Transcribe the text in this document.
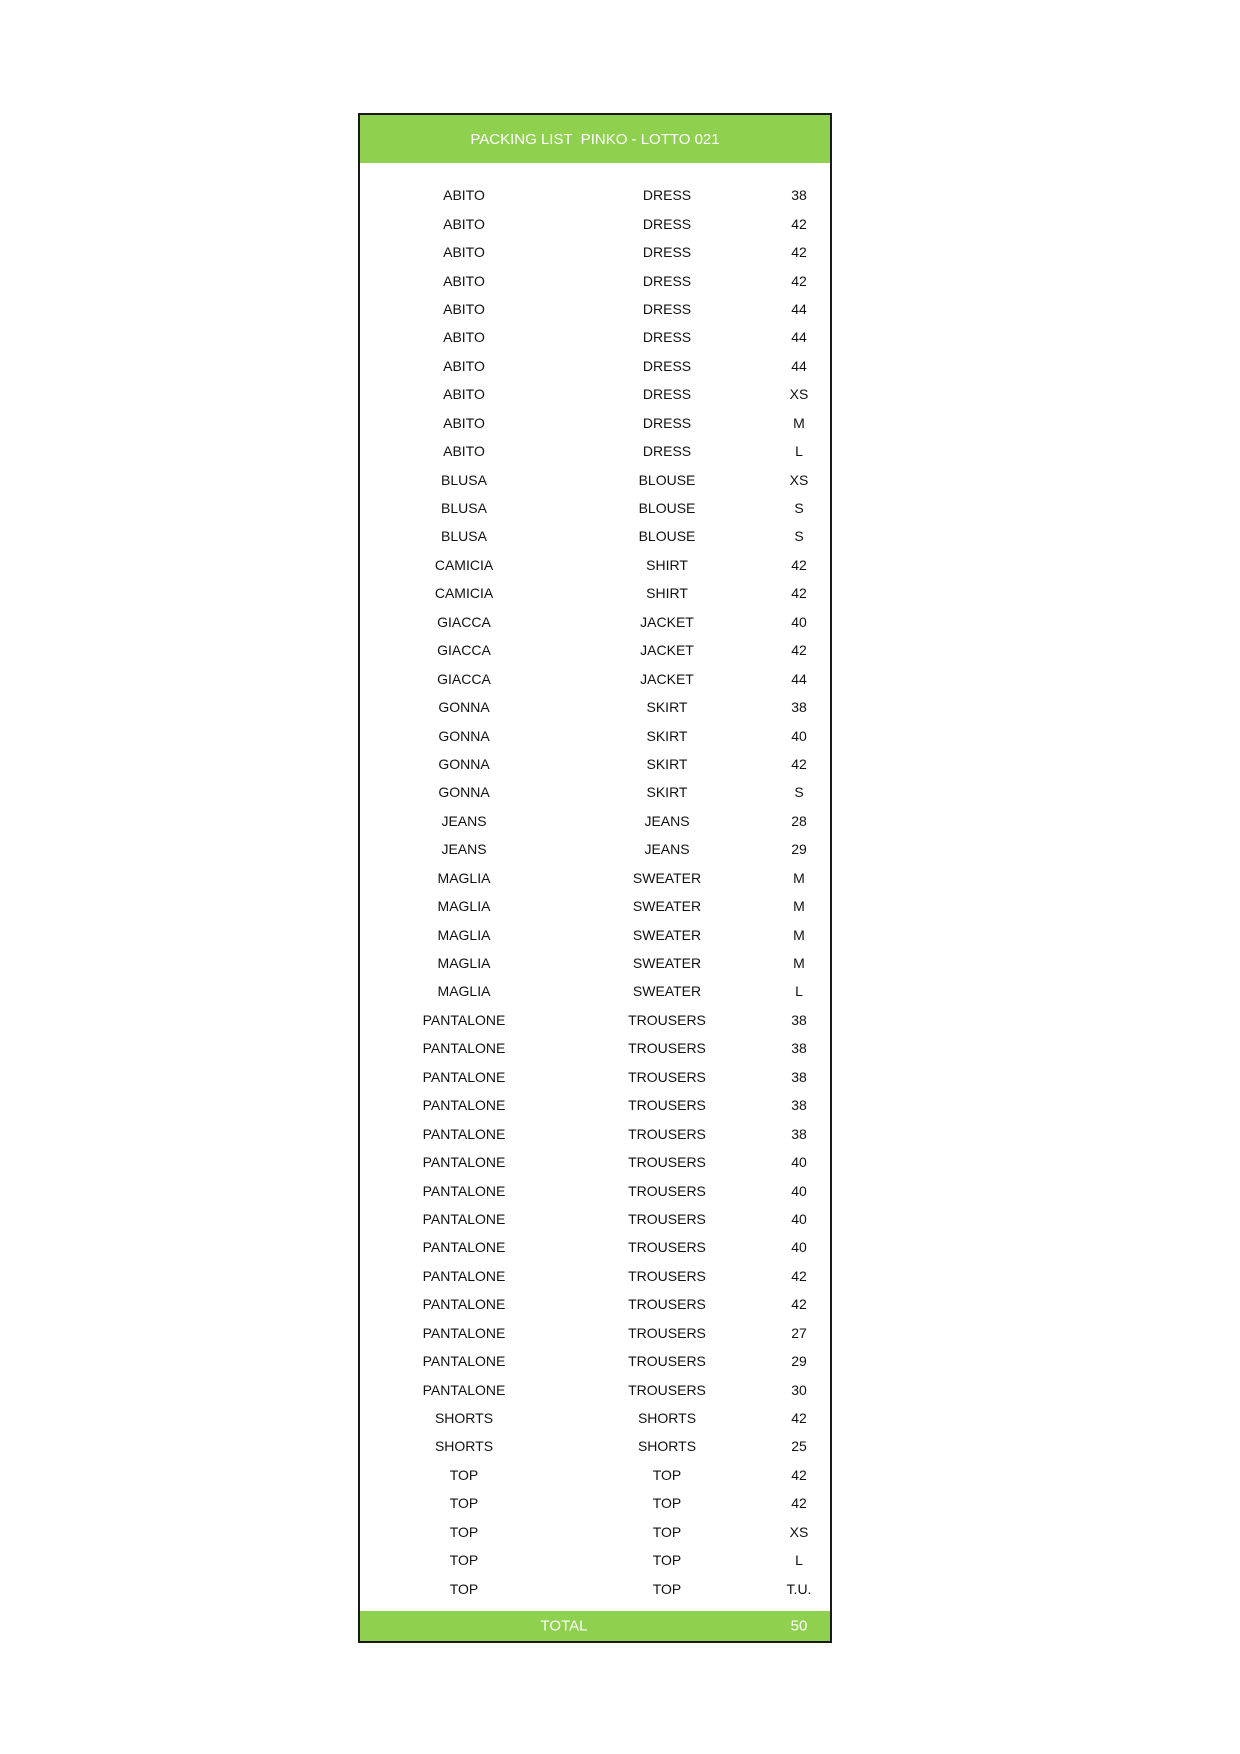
PACKING LIST  PINKO - LOTTO 021
ABITO	DRESS	38
ABITO	DRESS	42
ABITO	DRESS	42
ABITO	DRESS	42
ABITO	DRESS	44
ABITO	DRESS	44
ABITO	DRESS	44
ABITO	DRESS	XS
ABITO	DRESS	M
ABITO	DRESS	L
BLUSA	BLOUSE	XS
BLUSA	BLOUSE	S
BLUSA	BLOUSE	S
CAMICIA	SHIRT	42
CAMICIA	SHIRT	42
GIACCA	JACKET	40
GIACCA	JACKET	42
GIACCA	JACKET	44
GONNA	SKIRT	38
GONNA	SKIRT	40
GONNA	SKIRT	42
GONNA	SKIRT	S
JEANS	JEANS	28
JEANS	JEANS	29
MAGLIA	SWEATER	M
MAGLIA	SWEATER	M
MAGLIA	SWEATER	M
MAGLIA	SWEATER	M
MAGLIA	SWEATER	L
PANTALONE	TROUSERS	38
PANTALONE	TROUSERS	38
PANTALONE	TROUSERS	38
PANTALONE	TROUSERS	38
PANTALONE	TROUSERS	38
PANTALONE	TROUSERS	40
PANTALONE	TROUSERS	40
PANTALONE	TROUSERS	40
PANTALONE	TROUSERS	40
PANTALONE	TROUSERS	42
PANTALONE	TROUSERS	42
PANTALONE	TROUSERS	27
PANTALONE	TROUSERS	29
PANTALONE	TROUSERS	30
SHORTS	SHORTS	42
SHORTS	SHORTS	25
TOP	TOP	42
TOP	TOP	42
TOP	TOP	XS
TOP	TOP	L
TOP	TOP	T.U.
TOTAL	50
